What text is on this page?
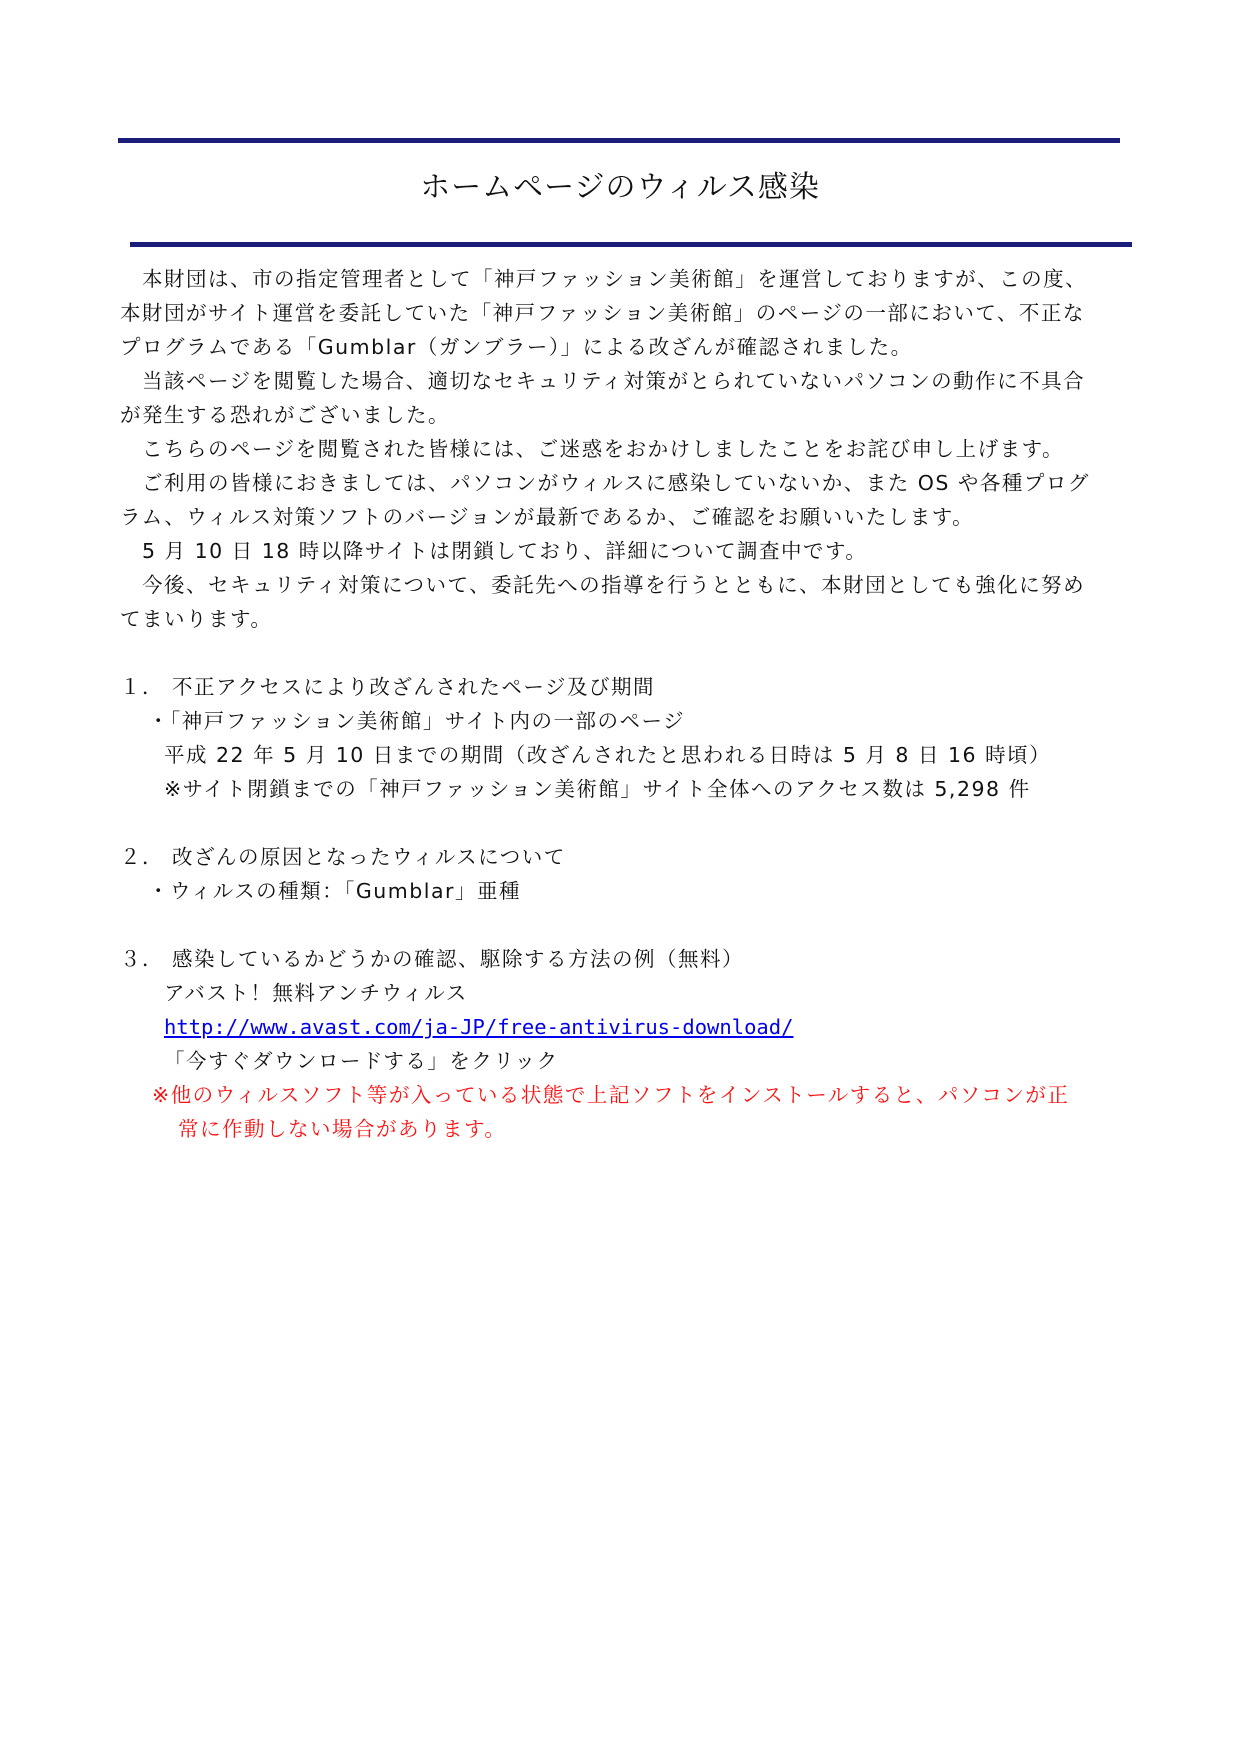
ホームページのウィルス感染

本財団は、市の指定管理者として「神戸ファッション美術館」を運営しておりますが、この度、

本財団がサイト運営を委託していた「神戸ファッション美術館」のページの一部において、不正な

プログラムである「Gumblar（ガンブラー）」による改ざんが確認されました。

当該ページを閲覧した場合、適切なセキュリティ対策がとられていないパソコンの動作に不具合

が発生する恐れがございました。

こちらのページを閲覧された皆様には、ご迷惑をおかけしましたことをお詫び申し上げます。

ご利用の皆様におきましては、パソコンがウィルスに感染していないか、また OS や各種プログ

ラム、ウィルス対策ソフトのバージョンが最新であるか、ご確認をお願いいたします。

5 月 10 日 18 時以降サイトは閉鎖しており、詳細について調査中です。

今後、セキュリティ対策について、委託先への指導を行うとともに、本財団としても強化に努め

てまいります。

１． 不正アクセスにより改ざんされたページ及び期間

・「神戸ファッション美術館」サイト内の一部のページ

平成 22 年 5 月 10 日までの期間（改ざんされたと思われる日時は 5 月 8 日 16 時頃）

※サイト閉鎖までの「神戸ファッション美術館」サイト全体へのアクセス数は 5,298 件

２． 改ざんの原因となったウィルスについて

・ウィルスの種類：「Gumblar」亜種

３． 感染しているかどうかの確認、駆除する方法の例（無料）

アバスト！無料アンチウィルス

http://www.avast.com/ja-JP/free-antivirus-download/

「今すぐダウンロードする」をクリック

※他のウィルスソフト等が入っている状態で上記ソフトをインストールすると、パソコンが正

常に作動しない場合があります。
